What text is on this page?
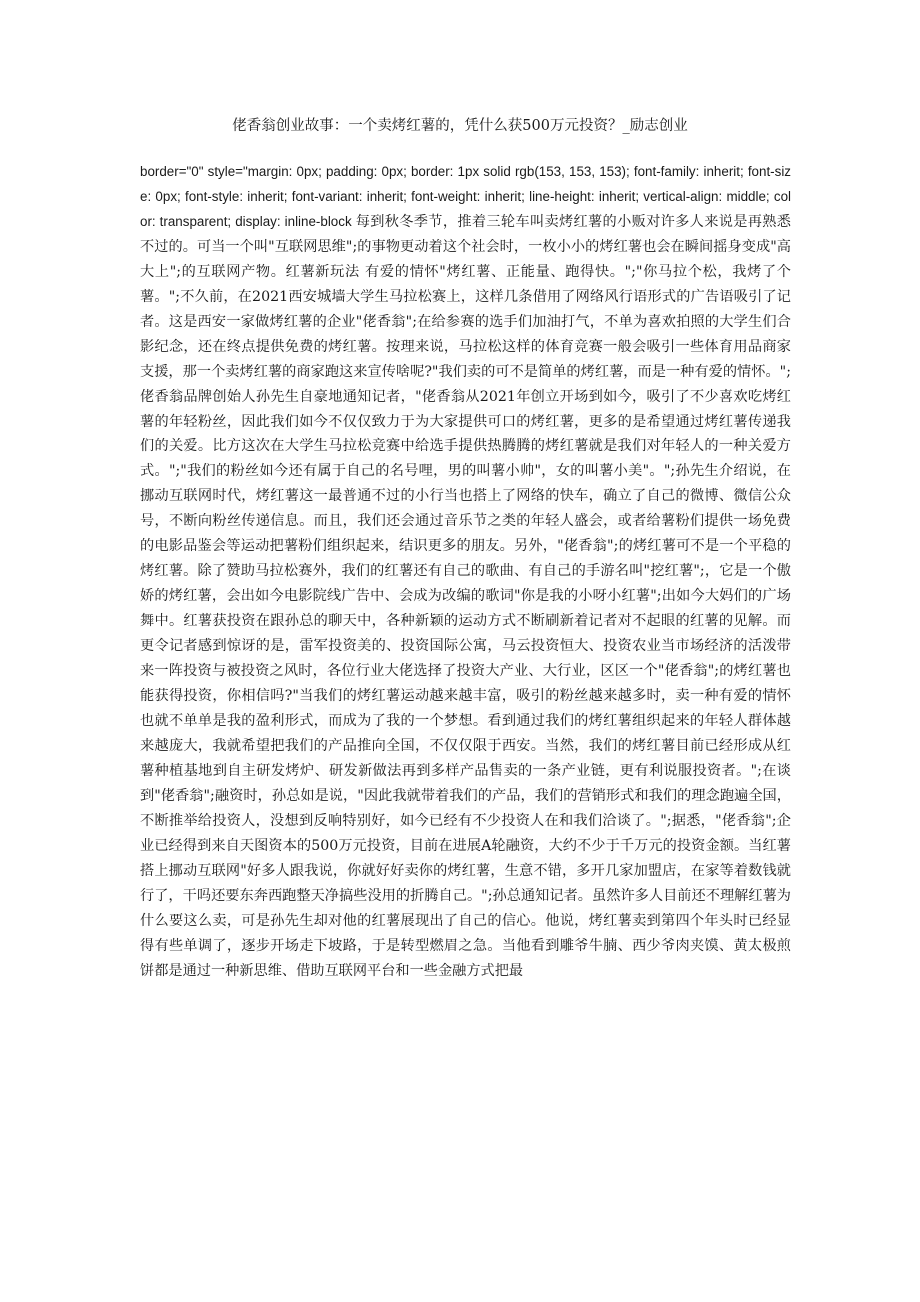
佬香翁创业故事：一个卖烤红薯的，凭什么获500万元投资？_励志创业

border="0" style="margin: 0px; padding: 0px; border: 1px solid rgb(153, 153, 153); font-family: inherit; font-size: 0px; font-style: inherit; font-variant: inherit; font-weight: inherit; line-height: inherit; vertical-align: middle; color: transparent; display: inline-block 每到秋冬季节，推着三轮车叫卖烤红薯的小贩对许多人来说是再熟悉不过的。可当一个叫"互联网思维";的事物更动着这个社会时，一枚小小的烤红薯也会在瞬间摇身变成"高大上";的互联网产物。红薯新玩法 有爱的情怀"烤红薯、正能量、跑得快。";"你马拉个松，我烤了个薯。";不久前，在2021西安城墙大学生马拉松赛上，这样几条借用了网络风行语形式的广告语吸引了记者。这是西安一家做烤红薯的企业"佬香翁";在给参赛的选手们加油打气，不单为喜欢拍照的大学生们合影纪念，还在终点提供免费的烤红薯。按理来说，马拉松这样的体育竞赛一般会吸引一些体育用品商家支援，那一个卖烤红薯的商家跑这来宣传啥呢?"我们卖的可不是简单的烤红薯，而是一种有爱的情怀。";佬香翁品牌创始人孙先生自豪地通知记者，"佬香翁从2021年创立开场到如今，吸引了不少喜欢吃烤红薯的年轻粉丝，因此我们如今不仅仅致力于为大家提供可口的烤红薯，更多的是希望通过烤红薯传递我们的关爱。比方这次在大学生马拉松竞赛中给选手提供热腾腾的烤红薯就是我们对年轻人的一种关爱方式。";"我们的粉丝如今还有属于自己的名号哩，男的叫薯小帅"，女的叫薯小美"。";孙先生介绍说，在挪动互联网时代，烤红薯这一最普通不过的小行当也搭上了网络的快车，确立了自己的微博、微信公众号，不断向粉丝传递信息。而且，我们还会通过音乐节之类的年轻人盛会，或者给薯粉们提供一场免费的电影品鉴会等运动把薯粉们组织起来，结识更多的朋友。另外，"佬香翁";的烤红薯可不是一个平稳的烤红薯。除了赞助马拉松赛外，我们的红薯还有自己的歌曲、有自己的手游名叫"挖红薯";，它是一个傲娇的烤红薯，会出如今电影院线广告中、会成为改编的歌词"你是我的小呀小红薯";出如今大妈们的广场舞中。红薯获投资在跟孙总的聊天中，各种新颖的运动方式不断刷新着记者对不起眼的红薯的见解。而更令记者感到惊讶的是，雷军投资美的、投资国际公寓，马云投资恒大、投资农业当市场经济的活泼带来一阵投资与被投资之风时，各位行业大佬选择了投资大产业、大行业，区区一个"佬香翁";的烤红薯也能获得投资，你相信吗?"当我们的烤红薯运动越来越丰富，吸引的粉丝越来越多时，卖一种有爱的情怀也就不单单是我的盈利形式，而成为了我的一个梦想。看到通过我们的烤红薯组织起来的年轻人群体越来越庞大，我就希望把我们的产品推向全国，不仅仅限于西安。当然，我们的烤红薯目前已经形成从红薯种植基地到自主研发烤炉、研发新做法再到多样产品售卖的一条产业链，更有利说服投资者。";在谈到"佬香翁";融资时，孙总如是说，"因此我就带着我们的产品，我们的营销形式和我们的理念跑遍全国，不断推举给投资人，没想到反响特别好，如今已经有不少投资人在和我们洽谈了。";据悉，"佬香翁";企业已经得到来自天图资本的500万元投资，目前在进展A轮融资，大约不少于千万元的投资金额。当红薯搭上挪动互联网"好多人跟我说，你就好好卖你的烤红薯，生意不错，多开几家加盟店，在家等着数钱就行了，干吗还要东奔西跑整天净搞些没用的折腾自己。";孙总通知记者。虽然许多人目前还不理解红薯为什么要这么卖，可是孙先生却对他的红薯展现出了自己的信心。他说，烤红薯卖到第四个年头时已经显得有些单调了，逐步开场走下坡路，于是转型燃眉之急。当他看到雕爷牛腩、西少爷肉夹馍、黄太极煎饼都是通过一种新思维、借助互联网平台和一些金融方式把最
